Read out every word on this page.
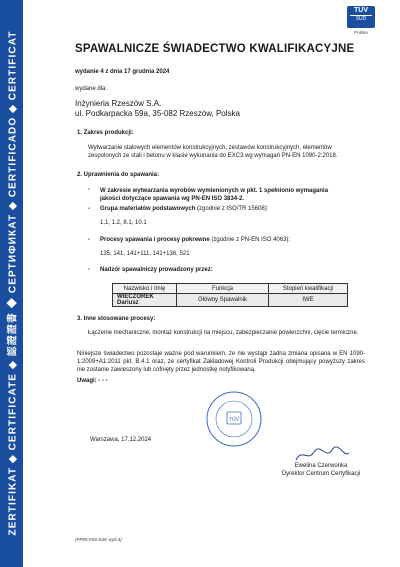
ZERTIFIKAT ◆ CERTIFICATE ◆ 認證證書 ◆ СЕРТИФИКАТ ◆ CERTIFICADO ◆ CERTIFICAT
TÜV
SÜD
Polska
SPAWALNICZE ŚWIADECTWO KWALIFIKACYJNE
wydanie 4 z dnia 17 grudnia 2024
wydane dla:
Inżynieria Rzeszów S.A.
ul. Podkarpacka 59a, 35-082 Rzeszów, Polska
1. Zakres produkcji:

Wytwarzanie stalowych elementów konstrukcyjnych, zestawów konstrukcyjnych, elementów zespolonych ze stali i betonu w klasie wykonania do EXC3 wg wymagań PN-EN 1090-2:2018.

2. Uprawnienia do spawania:
- W zakresie wytwarzania wyrobów wymienionych w pkt. 1 spełnionio wymagania jakości dotyczące spawania wg PN-EN ISO 3834-2.

- Grupa materiałów podstawowych (zgodnie z ISO/TR 15608):
1.1, 1.2, 8.1, 10.1
- Procesy spawania i procesy pokrewne (zgodnie z PN-EN ISO 4063):
135, 141, 141+111, 141+136, 521
- Nadzór spawalniczy prowadzony przez:
Nazwisko i Imię	Funkcja	Stopień kwalifikacji
WIECZOREK Dariusz	Główny Spawalnik	IWE
3. Inne stosowane procesy:

Łączenie mechaniczne, montaż konstrukcji na miejscu, zabezpieczanie powierzchni, cięcie termiczne.

Niniejsze świadectwo pozostaje ważne pod warunkiem, że nie wystąpi żadna zmiana opisana w EN 1090-1:2009+A1:2011 pkt. B.4.1 oraz, że certyfikat Zakładowej Kontroli Produkcji obejmujący powyższy zakres nie zostanie zawieszony lub cofnięty przez jednostkę notyfikowaną.

Uwagi: - - -
TÜV
Warszawa, 17.12.2024
Ewelina Czerwonka
Dyrektor Centrum Certyfikacji
(PP05-F03-SSK wyd.4)
